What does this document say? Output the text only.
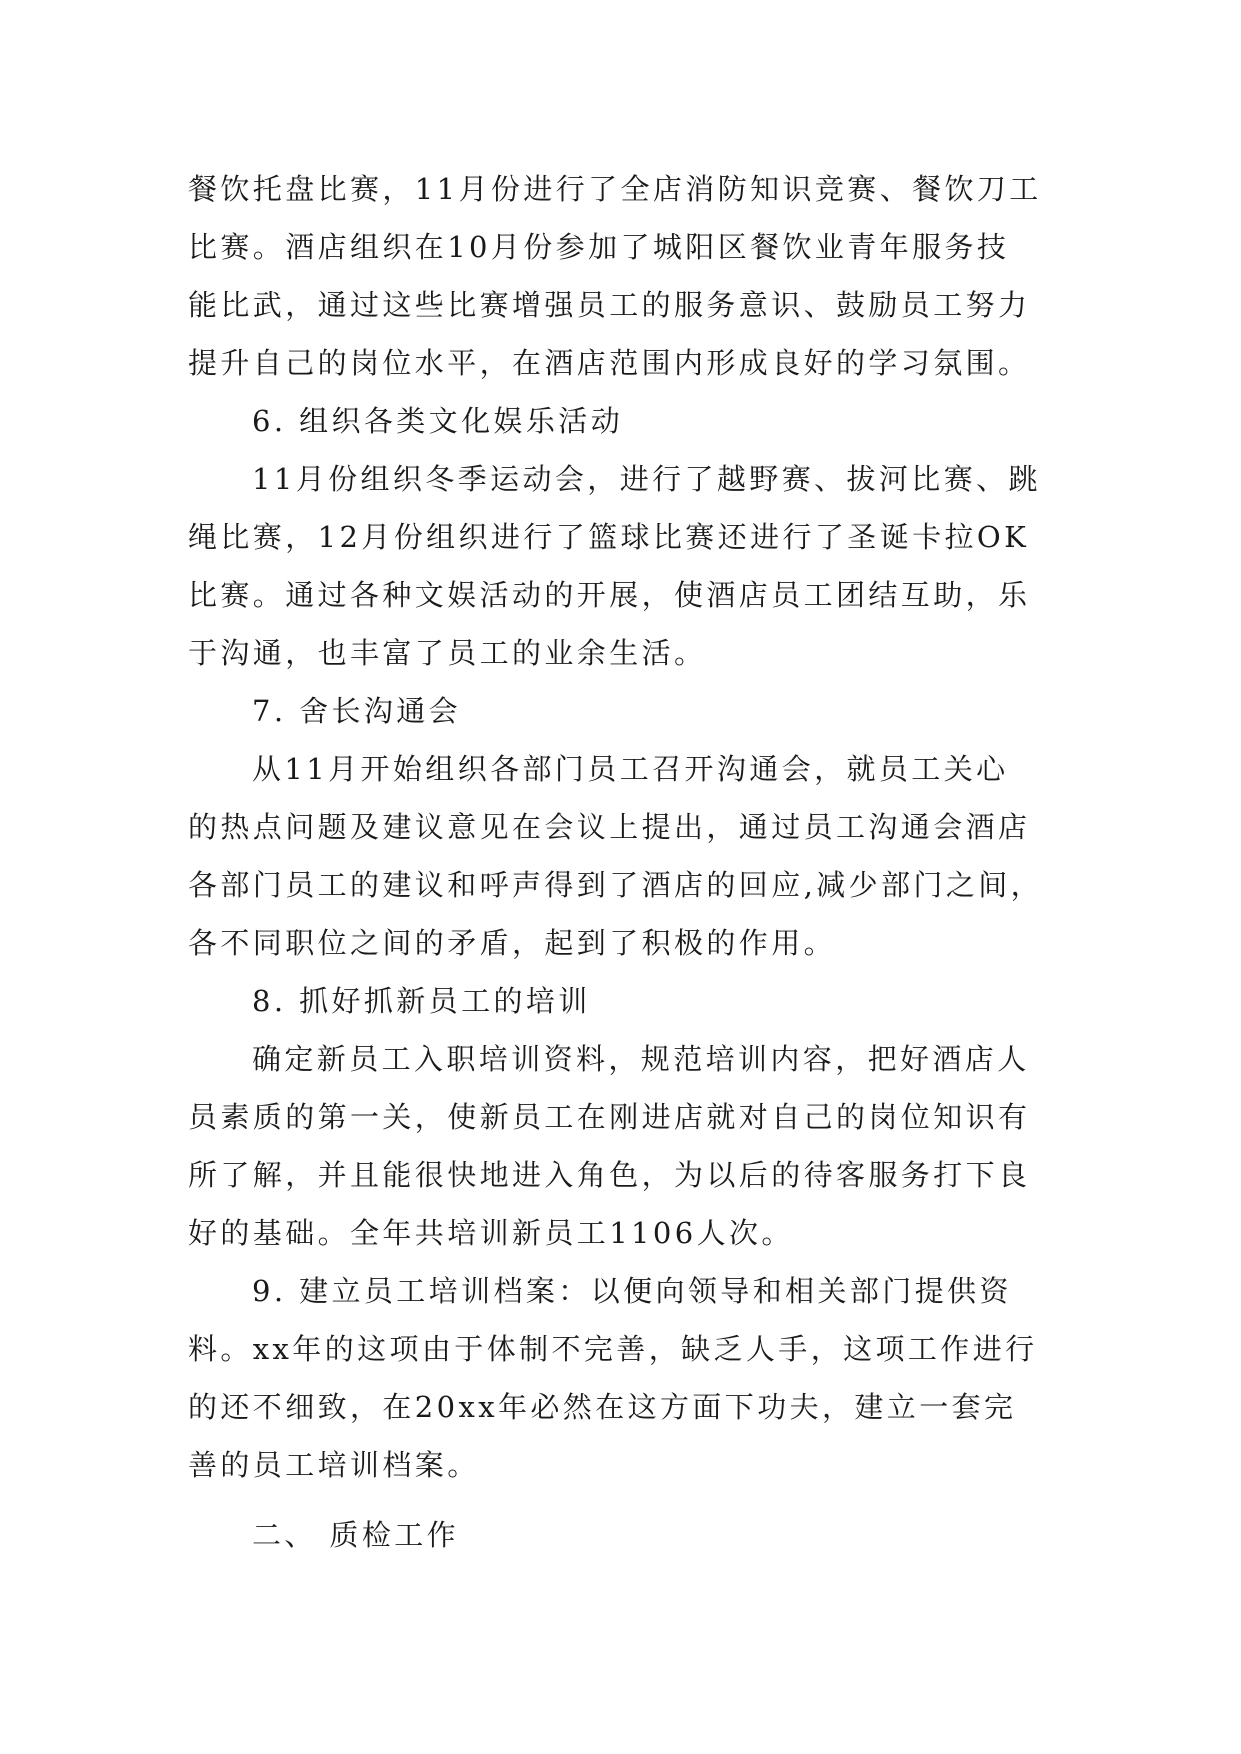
餐饮托盘比赛，11月份进行了全店消防知识竞赛、餐饮刀工
比赛。酒店组织在10月份参加了城阳区餐饮业青年服务技
能比武，通过这些比赛增强员工的服务意识、鼓励员工努力
提升自己的岗位水平，在酒店范围内形成良好的学习氛围。
6. 组织各类文化娱乐活动
11月份组织冬季运动会，进行了越野赛、拔河比赛、跳
绳比赛，12月份组织进行了篮球比赛还进行了圣诞卡拉OK
比赛。通过各种文娱活动的开展，使酒店员工团结互助，乐
于沟通，也丰富了员工的业余生活。
7. 舍长沟通会
从11月开始组织各部门员工召开沟通会，就员工关心
的热点问题及建议意见在会议上提出，通过员工沟通会酒店
各部门员工的建议和呼声得到了酒店的回应,减少部门之间，
各不同职位之间的矛盾，起到了积极的作用。
8. 抓好抓新员工的培训
确定新员工入职培训资料，规范培训内容，把好酒店人
员素质的第一关，使新员工在刚进店就对自己的岗位知识有
所了解，并且能很快地进入角色，为以后的待客服务打下良
好的基础。全年共培训新员工1106人次。
9. 建立员工培训档案：以便向领导和相关部门提供资
料。xx年的这项由于体制不完善，缺乏人手，这项工作进行
的还不细致，在20xx年必然在这方面下功夫，建立一套完
善的员工培训档案。
二、 质检工作
